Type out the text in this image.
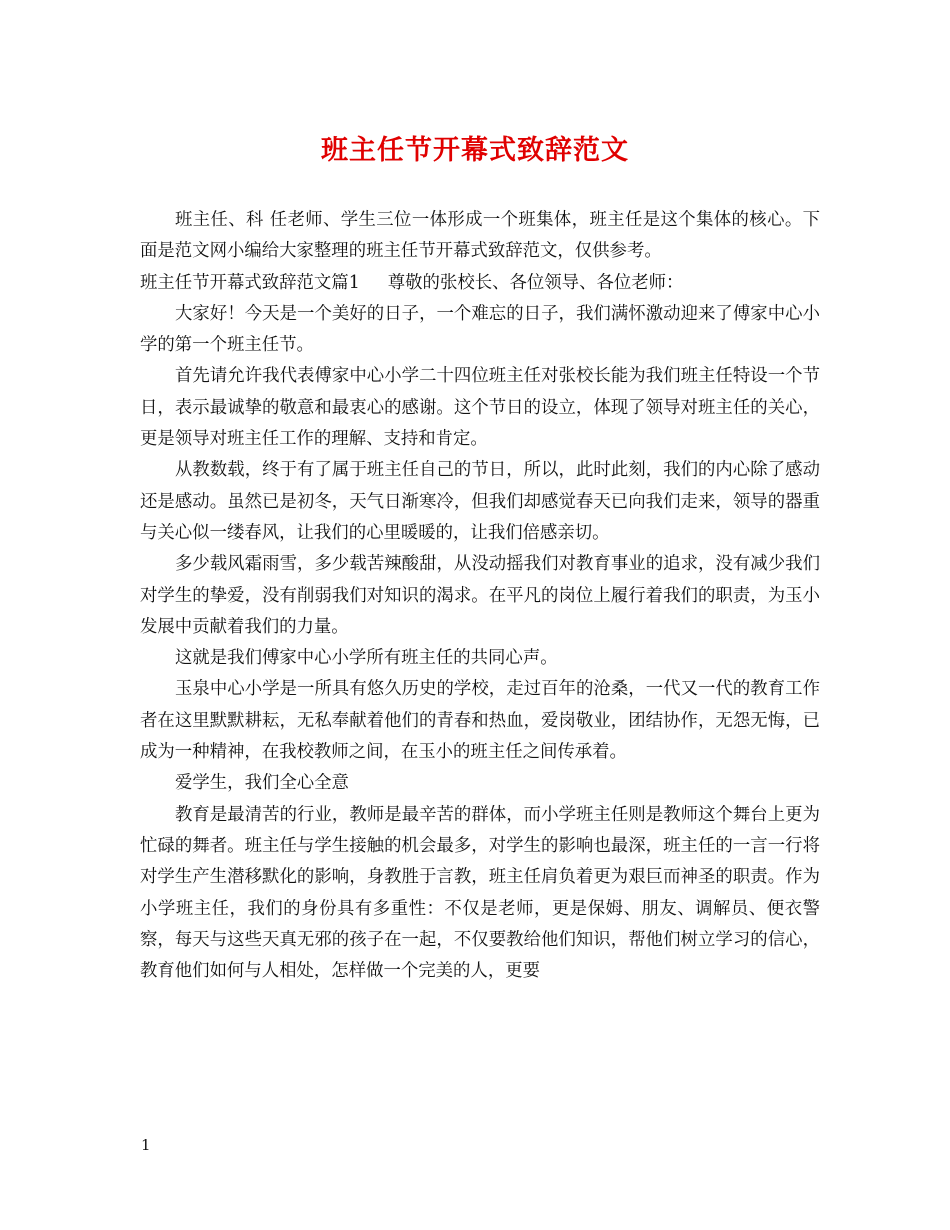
班主任节开幕式致辞范文

班主任、科 任老师、学生三位一体形成一个班集体，班主任是这个集体的核心。下面是范文网小编给大家整理的班主任节开幕式致辞范文，仅供参考。

班主任节开幕式致辞范文篇1 尊敬的张校长、各位领导、各位老师：

大家好！今天是一个美好的日子，一个难忘的日子，我们满怀激动迎来了傅家中心小学的第一个班主任节。

首先请允许我代表傅家中心小学二十四位班主任对张校长能为我们班主任特设一个节日，表示最诚挚的敬意和最衷心的感谢。这个节日的设立，体现了领导对班主任的关心，更是领导对班主任工作的理解、支持和肯定。

从教数载，终于有了属于班主任自己的节日，所以，此时此刻，我们的内心除了感动还是感动。虽然已是初冬，天气日渐寒冷，但我们却感觉春天已向我们走来，领导的器重与关心似一缕春风，让我们的心里暖暖的，让我们倍感亲切。

多少载风霜雨雪，多少载苦辣酸甜，从没动摇我们对教育事业的追求，没有减少我们对学生的挚爱，没有削弱我们对知识的渴求。在平凡的岗位上履行着我们的职责，为玉小发展中贡献着我们的力量。

这就是我们傅家中心小学所有班主任的共同心声。

玉泉中心小学是一所具有悠久历史的学校，走过百年的沧桑，一代又一代的教育工作者在这里默默耕耘，无私奉献着他们的青春和热血，爱岗敬业，团结协作，无怨无悔，已成为一种精神，在我校教师之间，在玉小的班主任之间传承着。

爱学生，我们全心全意

教育是最清苦的行业，教师是最辛苦的群体，而小学班主任则是教师这个舞台上更为忙碌的舞者。班主任与学生接触的机会最多，对学生的影响也最深，班主任的一言一行将对学生产生潜移默化的影响，身教胜于言教，班主任肩负着更为艰巨而神圣的职责。作为小学班主任，我们的身份具有多重性：不仅是老师，更是保姆、朋友、调解员、便衣警察，每天与这些天真无邪的孩子在一起，不仅要教给他们知识，帮他们树立学习的信心，教育他们如何与人相处，怎样做一个完美的人，更要

1
